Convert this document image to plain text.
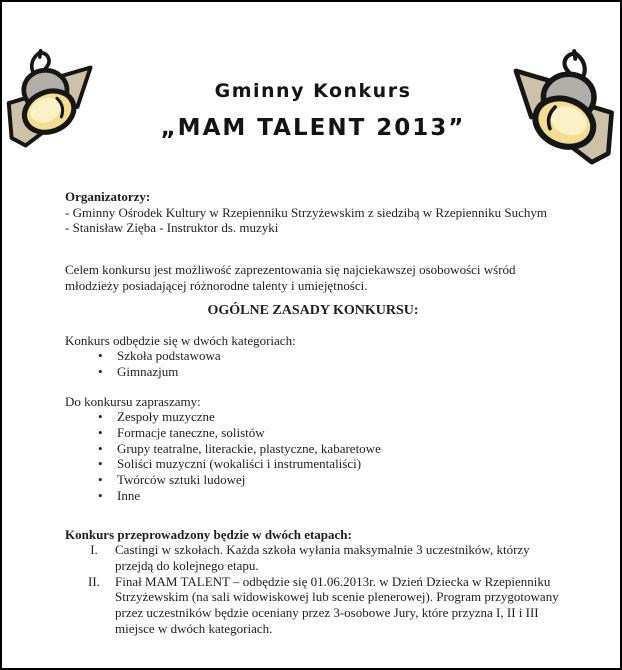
Gminny Konkurs
„MAM TALENT 2013”
Organizatorzy:
- Gminny Ośrodek Kultury w Rzepienniku Strzyżewskim z siedzibą w Rzepienniku Suchym
- Stanisław Zięba - Instruktor ds. muzyki
Celem konkursu jest możliwość zaprezentowania się najciekawszej osobowości wśród
młodzieży posiadającej różnorodne talenty i umiejętności.
OGÓLNE ZASADY KONKURSU:
Konkurs odbędzie się w dwóch kategoriach:
•	Szkoła podstawowa
•	Gimnazjum
Do konkursu zapraszamy:
•	Zespoły muzyczne
•	Formacje taneczne, solistów
•	Grupy teatralne, literackie, plastyczne, kabaretowe
•	Soliści muzyczni (wokaliści i instrumentaliści)
•	Twórców sztuki ludowej
•	Inne
Konkurs przeprowadzony będzie w dwóch etapach:
I.	Castingi w szkołach. Każda szkoła wyłania maksymalnie 3 uczestników, którzy
przejdą do kolejnego etapu.
II.	Finał MAM TALENT – odbędzie się 01.06.2013r. w Dzień Dziecka w Rzepienniku
Strzyżewskim (na sali widowiskowej lub scenie plenerowej). Program przygotowany
przez uczestników będzie oceniany przez 3-osobowe Jury, które przyzna I, II i III
miejsce w dwóch kategoriach.
